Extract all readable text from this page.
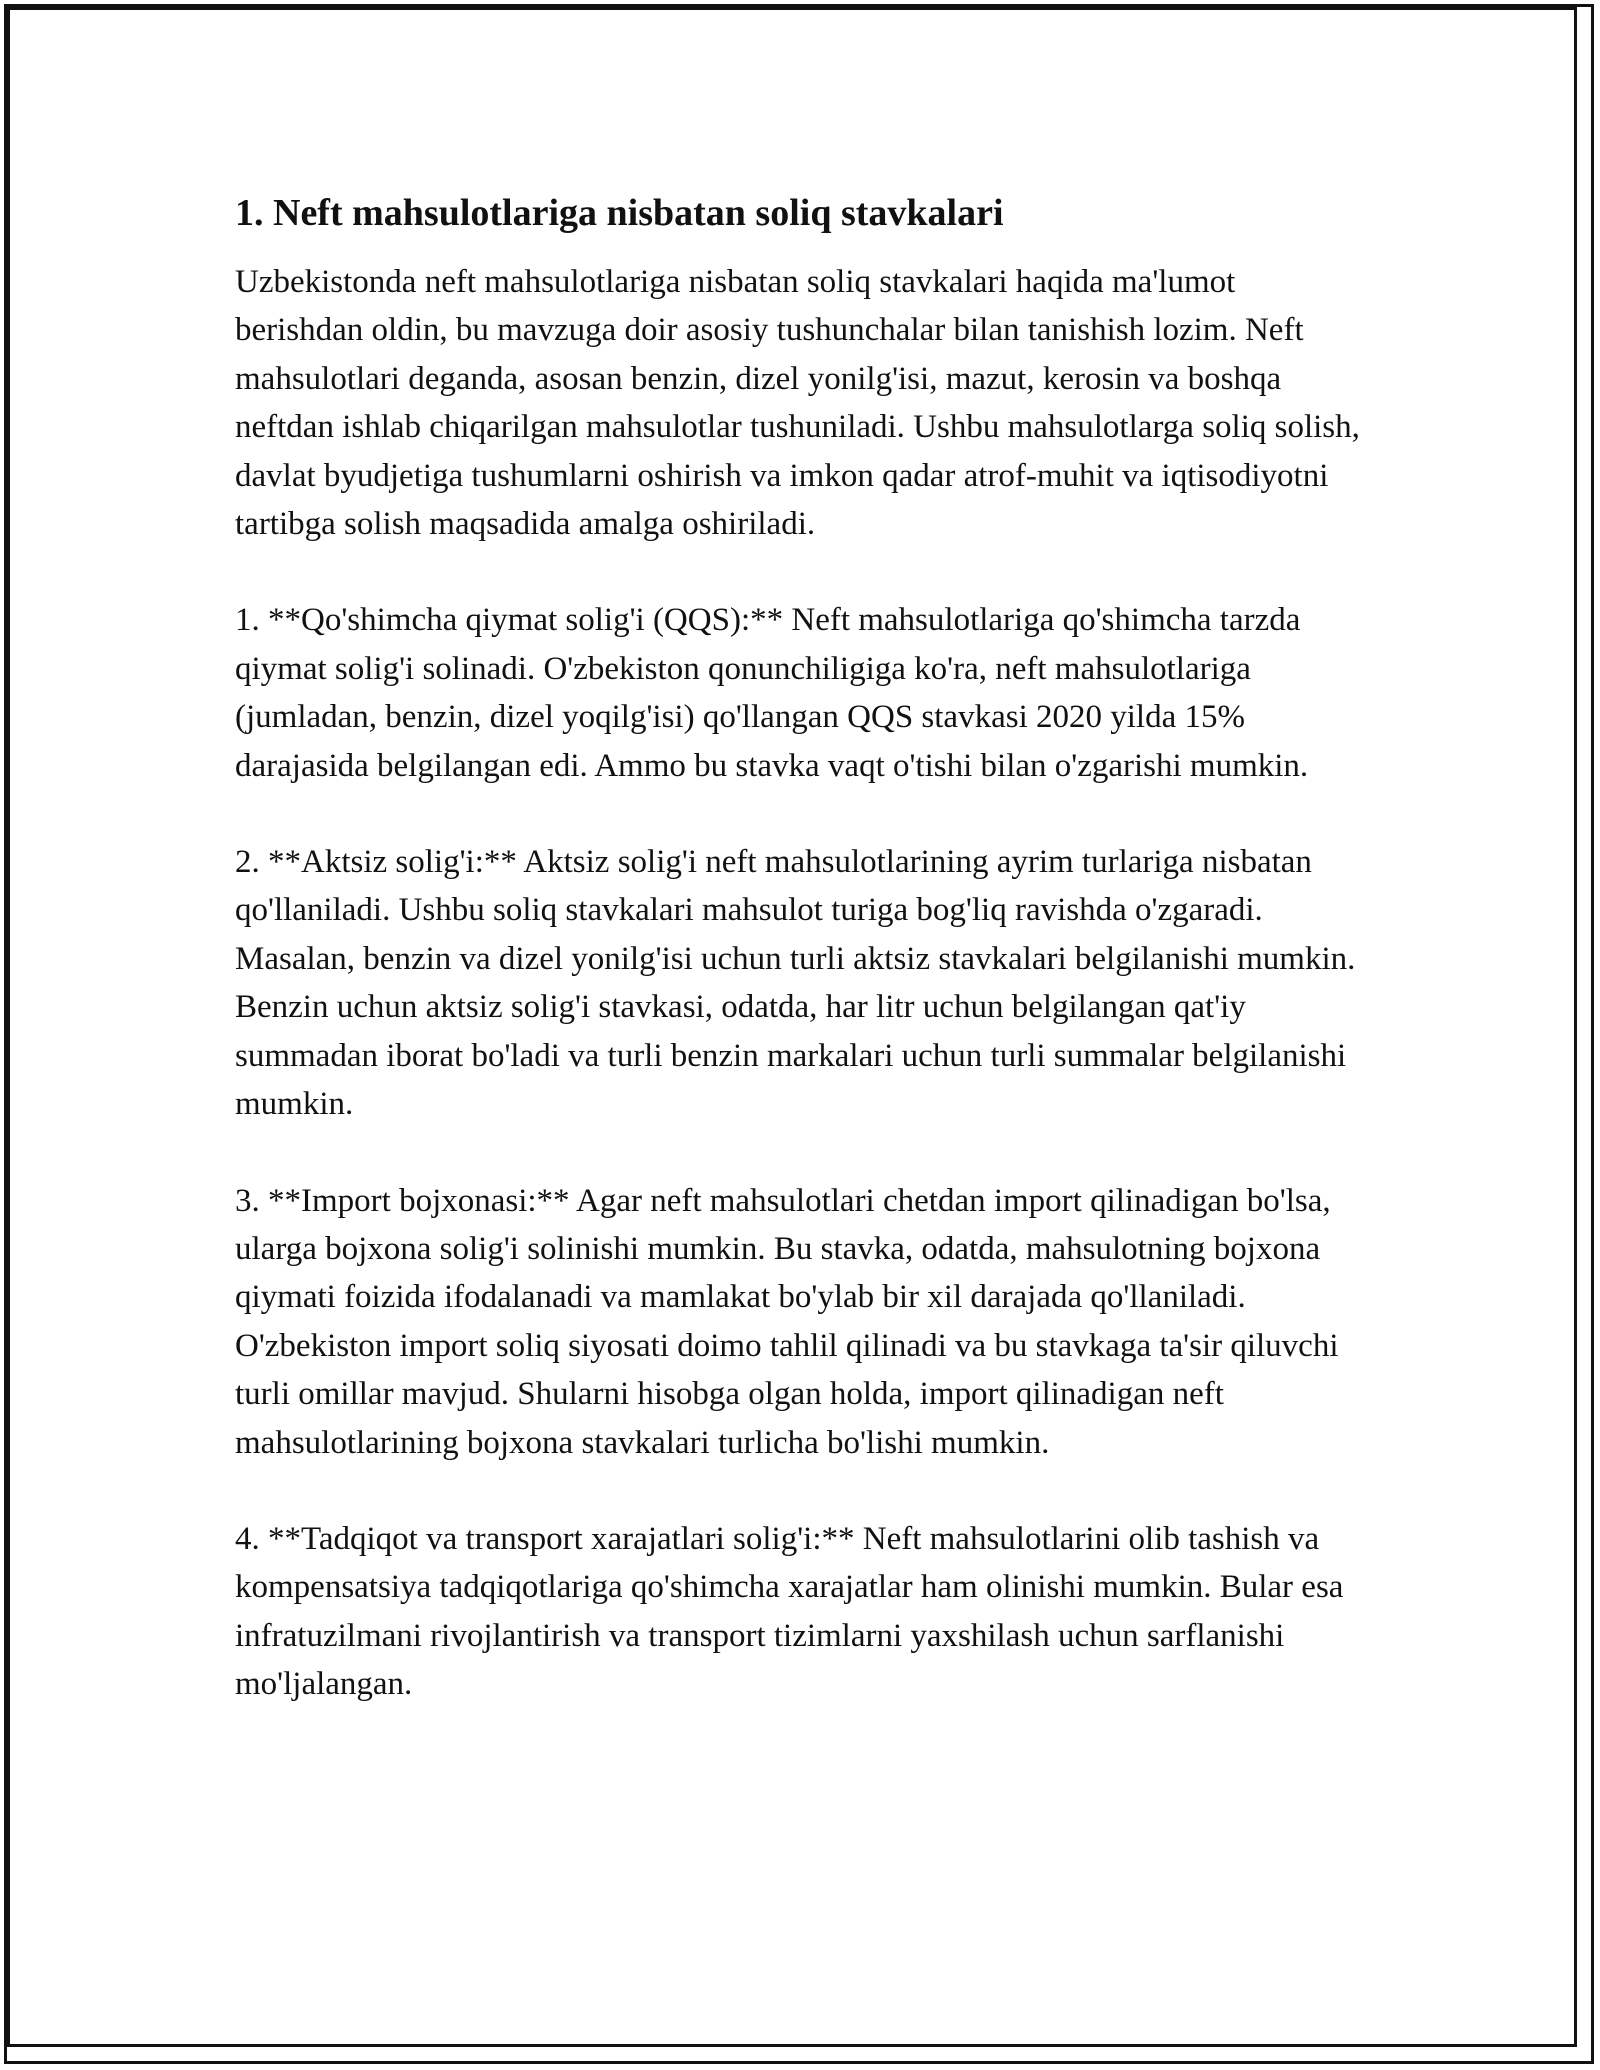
1. Neft mahsulotlariga nisbatan soliq stavkalari

Uzbekistonda neft mahsulotlariga nisbatan soliq stavkalari haqida ma'lumot berishdan oldin, bu mavzuga doir asosiy tushunchalar bilan tanishish lozim. Neft mahsulotlari deganda, asosan benzin, dizel yonilg'isi, mazut, kerosin va boshqa neftdan ishlab chiqarilgan mahsulotlar tushuniladi. Ushbu mahsulotlarga soliq solish, davlat byudjetiga tushumlarni oshirish va imkon qadar atrof-muhit va iqtisodiyotni tartibga solish maqsadida amalga oshiriladi.

1. **Qo'shimcha qiymat solig'i (QQS):** Neft mahsulotlariga qo'shimcha tarzda qiymat solig'i solinadi. O'zbekiston qonunchiligiga ko'ra, neft mahsulotlariga (jumladan, benzin, dizel yoqilg'isi) qo'llangan QQS stavkasi 2020 yilda 15% darajasida belgilangan edi. Ammo bu stavka vaqt o'tishi bilan o'zgarishi mumkin.

2. **Aktsiz solig'i:** Aktsiz solig'i neft mahsulotlarining ayrim turlariga nisbatan qo'llaniladi. Ushbu soliq stavkalari mahsulot turiga bog'liq ravishda o'zgaradi. Masalan, benzin va dizel yonilg'isi uchun turli aktsiz stavkalari belgilanishi mumkin. Benzin uchun aktsiz solig'i stavkasi, odatda, har litr uchun belgilangan qat'iy summadan iborat bo'ladi va turli benzin markalari uchun turli summalar belgilanishi mumkin.

3. **Import bojxonasi:** Agar neft mahsulotlari chetdan import qilinadigan bo'lsa, ularga bojxona solig'i solinishi mumkin. Bu stavka, odatda, mahsulotning bojxona qiymati foizida ifodalanadi va mamlakat bo'ylab bir xil darajada qo'llaniladi. O'zbekiston import soliq siyosati doimo tahlil qilinadi va bu stavkaga ta'sir qiluvchi turli omillar mavjud. Shularni hisobga olgan holda, import qilinadigan neft mahsulotlarining bojxona stavkalari turlicha bo'lishi mumkin.

4. **Tadqiqot va transport xarajatlari solig'i:** Neft mahsulotlarini olib tashish va kompensatsiya tadqiqotlariga qo'shimcha xarajatlar ham olinishi mumkin. Bular esa infratuzilmani rivojlantirish va transport tizimlarni yaxshilash uchun sarflanishi mo'ljalangan.
